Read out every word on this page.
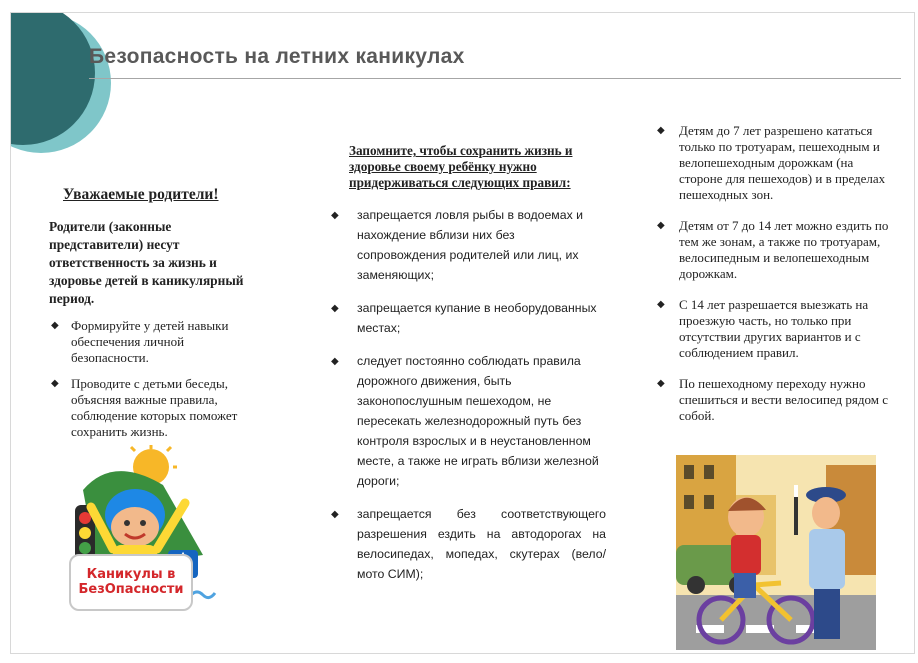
Безопасность на летних каникулах
Уважаемые родители!

Родители (законные представители) несут ответственность за жизнь и здоровье детей в каникулярный период.

◆ Формируйте у детей навыки обеспечения личной безопасности.
◆ Проводите с детьми беседы, объясняя важные правила, соблюдение которых поможет сохранить жизнь.
Каникулы в
БезОпасности
Запомните, чтобы сохранить жизнь и здоровье своему ребёнку нужно придерживаться следующих правил:
◆ запрещается ловля рыбы в водоемах и нахождение вблизи них без сопровождения родителей или лиц, их заменяющих;
◆ запрещается купание в необорудованных местах;
◆ следует постоянно соблюдать правила дорожного движения, быть законопослушным пешеходом, не пересекать железнодорожный путь без контроля взрослых и в неустановленном месте, а также не играть вблизи железной дороги;
◆ запрещается без соответствующего разрешения ездить на автодорогах на велосипедах, мопедах, скутерах (вело/мото СИМ);
◆ Детям до 7 лет разрешено кататься только по тротуарам, пешеходным и велопешеходным дорожкам (на стороне для пешеходов) и в пределах пешеходных зон.
◆ Детям от 7 до 14 лет можно ездить по тем же зонам, а также по тротуарам, велосипедным и велопешеходным дорожкам.
◆ С 14 лет разрешается выезжать на проезжую часть, но только при отсутствии других вариантов и с соблюдением правил.
◆ По пешеходному переходу нужно спешиться и вести велосипед рядом с собой.
